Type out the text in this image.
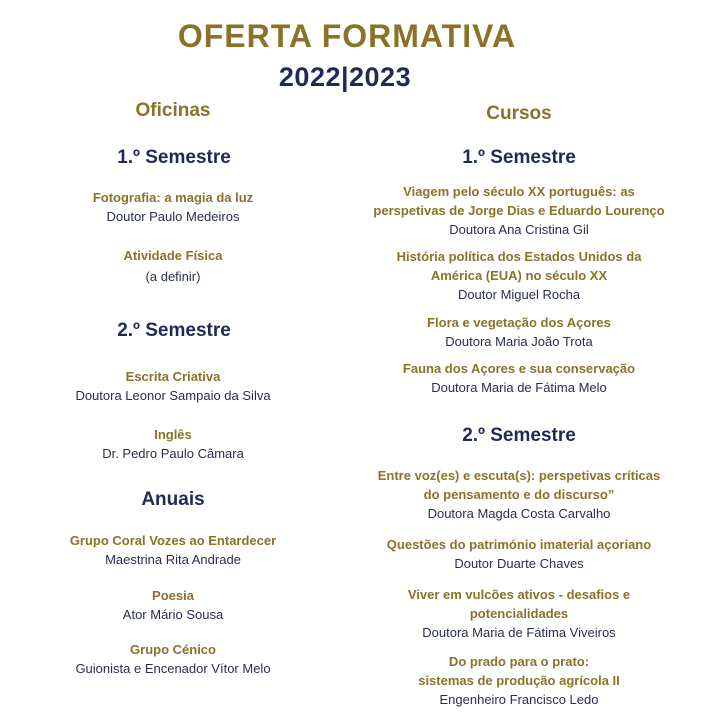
OFERTA FORMATIVA
2022|2023
Oficinas
1.º Semestre
Fotografia: a magia da luz
Doutor Paulo Medeiros
Atividade Física
(a definir)
2.º Semestre
Escrita Criativa
Doutora Leonor Sampaio da Silva
Inglês
Dr. Pedro Paulo Câmara
Anuais
Grupo Coral Vozes ao Entardecer
Maestrina Rita Andrade
Poesia
Ator Mário Sousa
Grupo Cénico
Guionista e Encenador Vítor Melo
Cursos
1.º Semestre
Viagem pelo século XX português: as
perspetivas de Jorge Dias e Eduardo Lourenço
Doutora Ana Cristina Gil
História política dos Estados Unidos da
América (EUA) no século XX
Doutor Miguel Rocha
Flora e vegetação dos Açores
Doutora Maria João Trota
Fauna dos Açores e sua conservação
Doutora Maria de Fátima Melo
2.º Semestre
Entre voz(es) e escuta(s): perspetivas críticas
do pensamento e do discurso”
Doutora Magda Costa Carvalho
Questões do património imaterial açoriano
Doutor Duarte Chaves
Viver em vulcões ativos - desafios e
potencialidades
Doutora Maria de Fátima Viveiros
Do prado para o prato:
sistemas de produção agrícola II
Engenheiro Francisco Ledo
